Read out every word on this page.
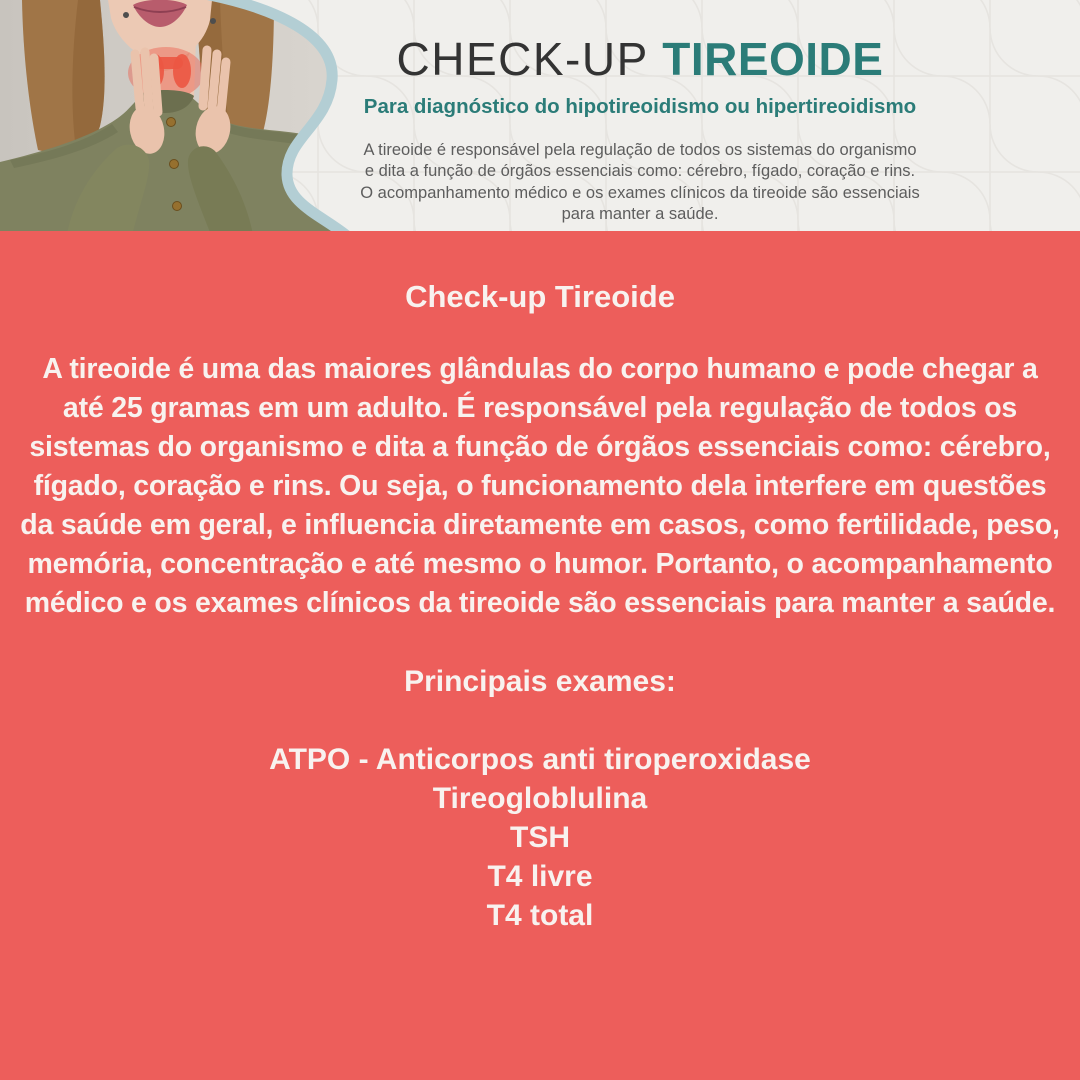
CHECK-UP TIREOIDE
Para diagnóstico do hipotireoidismo ou hipertireoidismo

A tireoide é responsável pela regulação de todos os sistemas do organismo e dita a função de órgãos essenciais como: cérebro, fígado, coração e rins. O acompanhamento médico e os exames clínicos da tireoide são essenciais para manter a saúde.

Check-up Tireoide

A tireoide é uma das maiores glândulas do corpo humano e pode chegar a até 25 gramas em um adulto. É responsável pela regulação de todos os sistemas do organismo e dita a função de órgãos essenciais como: cérebro, fígado, coração e rins. Ou seja, o funcionamento dela interfere em questões da saúde em geral, e influencia diretamente em casos, como fertilidade, peso, memória, concentração e até mesmo o humor. Portanto, o acompanhamento médico e os exames clínicos da tireoide são essenciais para manter a saúde.

Principais exames:
ATPO - Anticorpos anti tiroperoxidase
Tireogloblulina
TSH
T4 livre
T4 total
